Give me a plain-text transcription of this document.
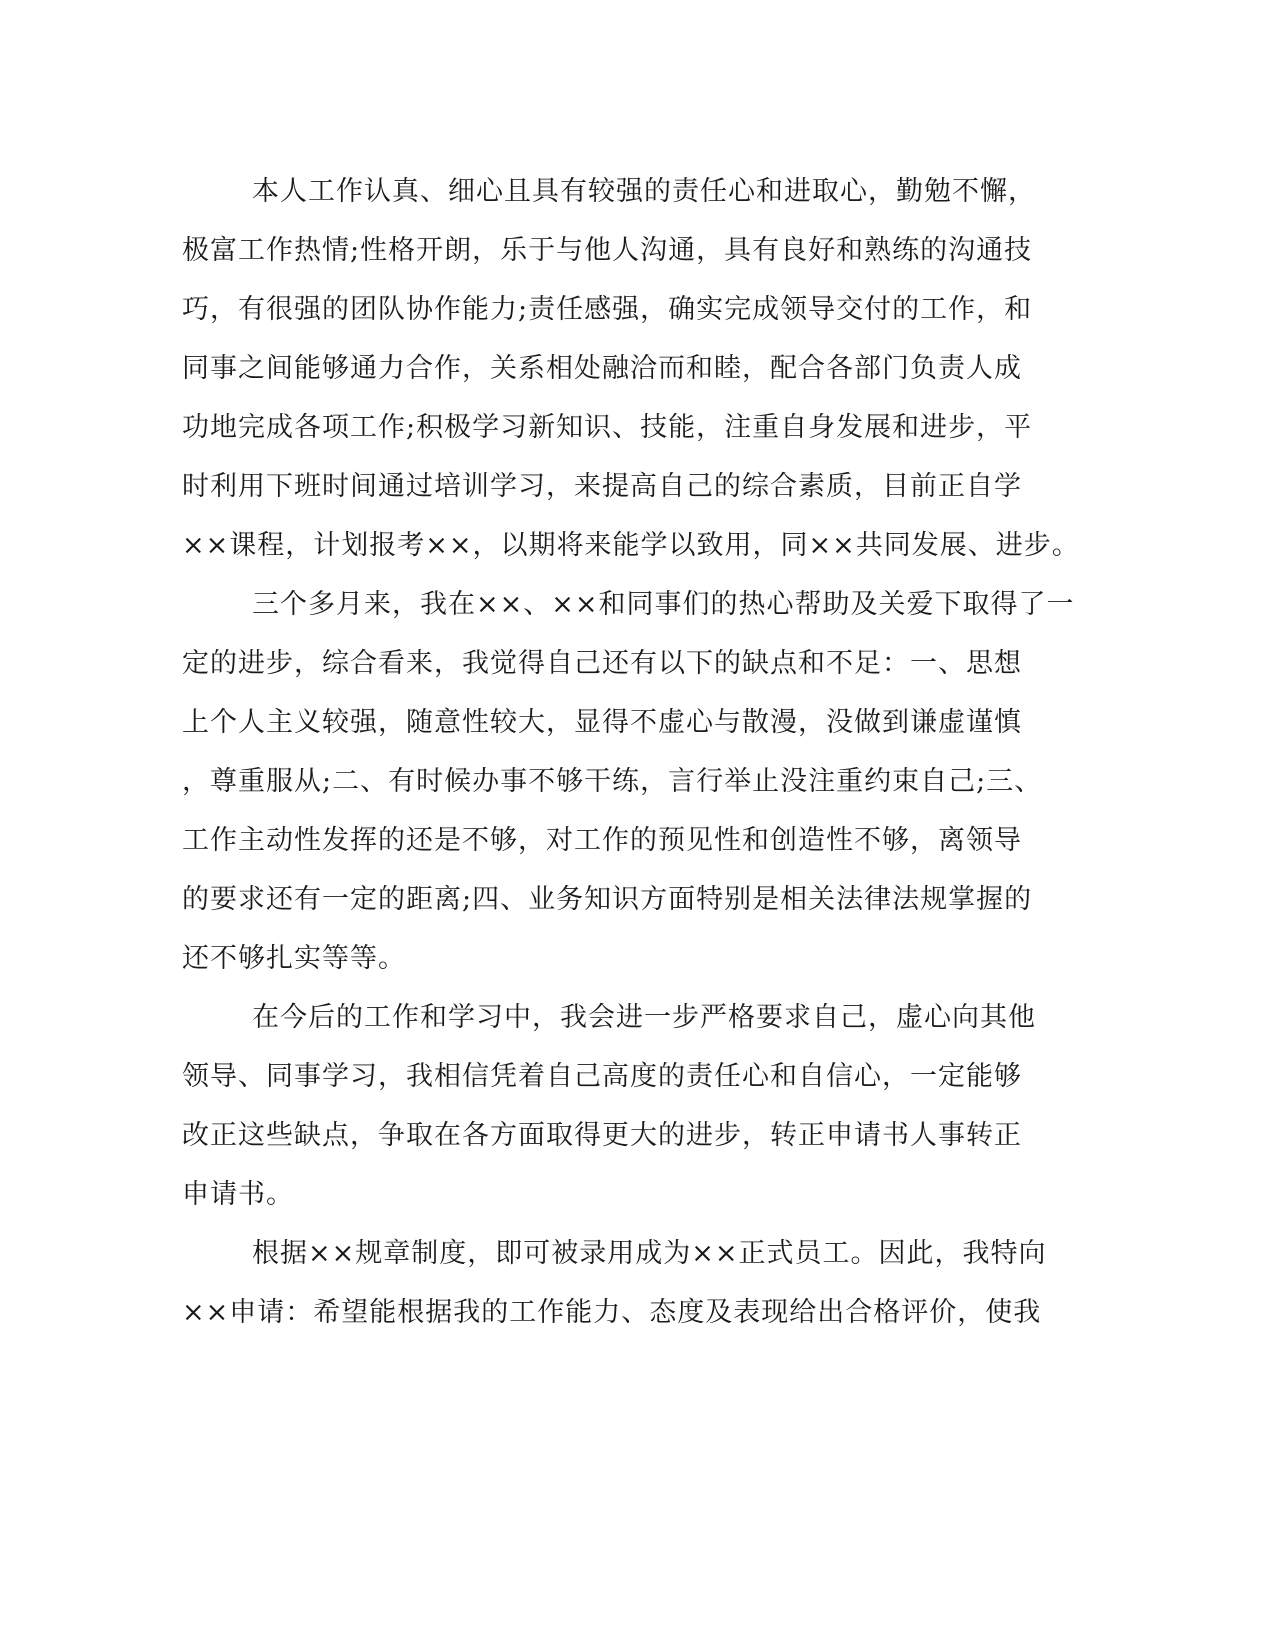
本人工作认真、细心且具有较强的责任心和进取心，勤勉不懈，
极富工作热情;性格开朗，乐于与他人沟通，具有良好和熟练的沟通技
巧，有很强的团队协作能力;责任感强，确实完成领导交付的工作，和
同事之间能够通力合作，关系相处融洽而和睦，配合各部门负责人成
功地完成各项工作;积极学习新知识、技能，注重自身发展和进步，平
时利用下班时间通过培训学习，来提高自己的综合素质，目前正自学
××课程，计划报考××，以期将来能学以致用，同××共同发展、进步。
三个多月来，我在××、××和同事们的热心帮助及关爱下取得了一
定的进步，综合看来，我觉得自己还有以下的缺点和不足：一、思想
上个人主义较强，随意性较大，显得不虚心与散漫，没做到谦虚谨慎
，尊重服从;二、有时候办事不够干练，言行举止没注重约束自己;三、
工作主动性发挥的还是不够，对工作的预见性和创造性不够，离领导
的要求还有一定的距离;四、业务知识方面特别是相关法律法规掌握的
还不够扎实等等。
在今后的工作和学习中，我会进一步严格要求自己，虚心向其他
领导、同事学习，我相信凭着自己高度的责任心和自信心，一定能够
改正这些缺点，争取在各方面取得更大的进步，转正申请书人事转正
申请书。
根据××规章制度，即可被录用成为××正式员工。因此，我特向
××申请：希望能根据我的工作能力、态度及表现给出合格评价，使我
